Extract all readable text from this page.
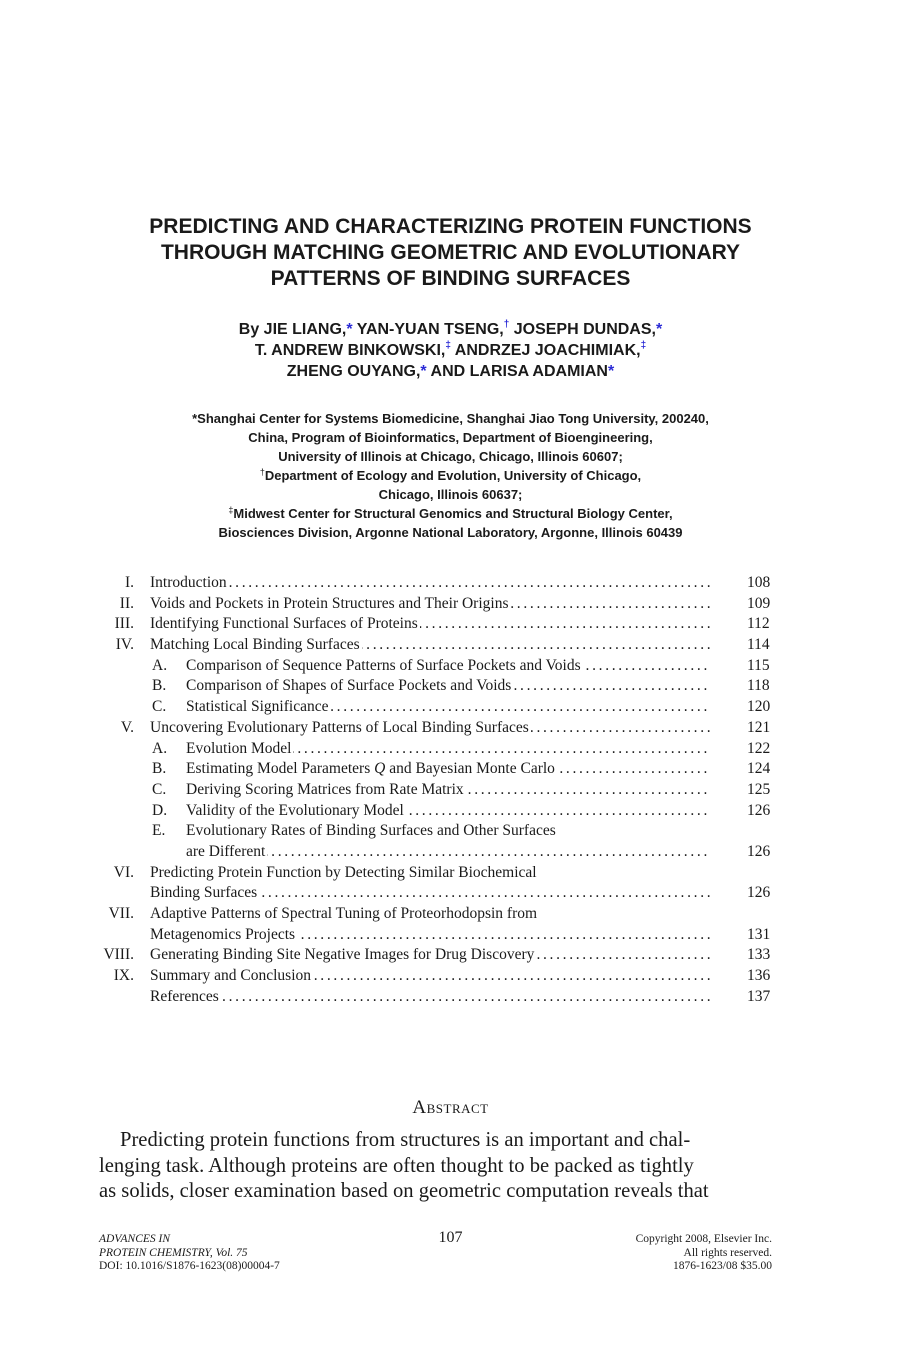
PREDICTING AND CHARACTERIZING PROTEIN FUNCTIONS
THROUGH MATCHING GEOMETRIC AND EVOLUTIONARY
PATTERNS OF BINDING SURFACES
By JIE LIANG,* YAN-YUAN TSENG,† JOSEPH DUNDAS,*
T. ANDREW BINKOWSKI,‡ ANDRZEJ JOACHIMIAK,‡
ZHENG OUYANG,* AND LARISA ADAMIAN*
*Shanghai Center for Systems Biomedicine, Shanghai Jiao Tong University, 200240,
China, Program of Bioinformatics, Department of Bioengineering,
University of Illinois at Chicago, Chicago, Illinois 60607;
†Department of Ecology and Evolution, University of Chicago,
Chicago, Illinois 60637;
‡Midwest Center for Structural Genomics and Structural Biology Center,
Biosciences Division, Argonne National Laboratory, Argonne, Illinois 60439
I. Introduction . . .	108
II. Voids and Pockets in Protein Structures and Their Origins . . .	109
III. Identifying Functional Surfaces of Proteins . . .	112
IV. Matching Local Binding Surfaces . . .	114
A. Comparison of Sequence Patterns of Surface Pockets and Voids . . .	115
B. Comparison of Shapes of Surface Pockets and Voids . . .	118
C. Statistical Significance . . .	120
V. Uncovering Evolutionary Patterns of Local Binding Surfaces . . .	121
A. Evolution Model . . .	122
B. Estimating Model Parameters Q and Bayesian Monte Carlo . . .	124
C. Deriving Scoring Matrices from Rate Matrix . . .	125
D. Validity of the Evolutionary Model . . .	126
E. Evolutionary Rates of Binding Surfaces and Other Surfaces
are Different . . .	126
VI. Predicting Protein Function by Detecting Similar Biochemical
Binding Surfaces . . .	126
VII. Adaptive Patterns of Spectral Tuning of Proteorhodopsin from
Metagenomics Projects . . .	131
VIII. Generating Binding Site Negative Images for Drug Discovery . . .	133
IX. Summary and Conclusion . . .	136
References . . .	137
Abstract
Predicting protein functions from structures is an important and chal-
lenging task. Although proteins are often thought to be packed as tightly
as solids, closer examination based on geometric computation reveals that
ADVANCES IN
PROTEIN CHEMISTRY, Vol. 75
DOI: 10.1016/S1876-1623(08)00004-7
107	Copyright 2008, Elsevier Inc.
All rights reserved.
1876-1623/08 $35.00
